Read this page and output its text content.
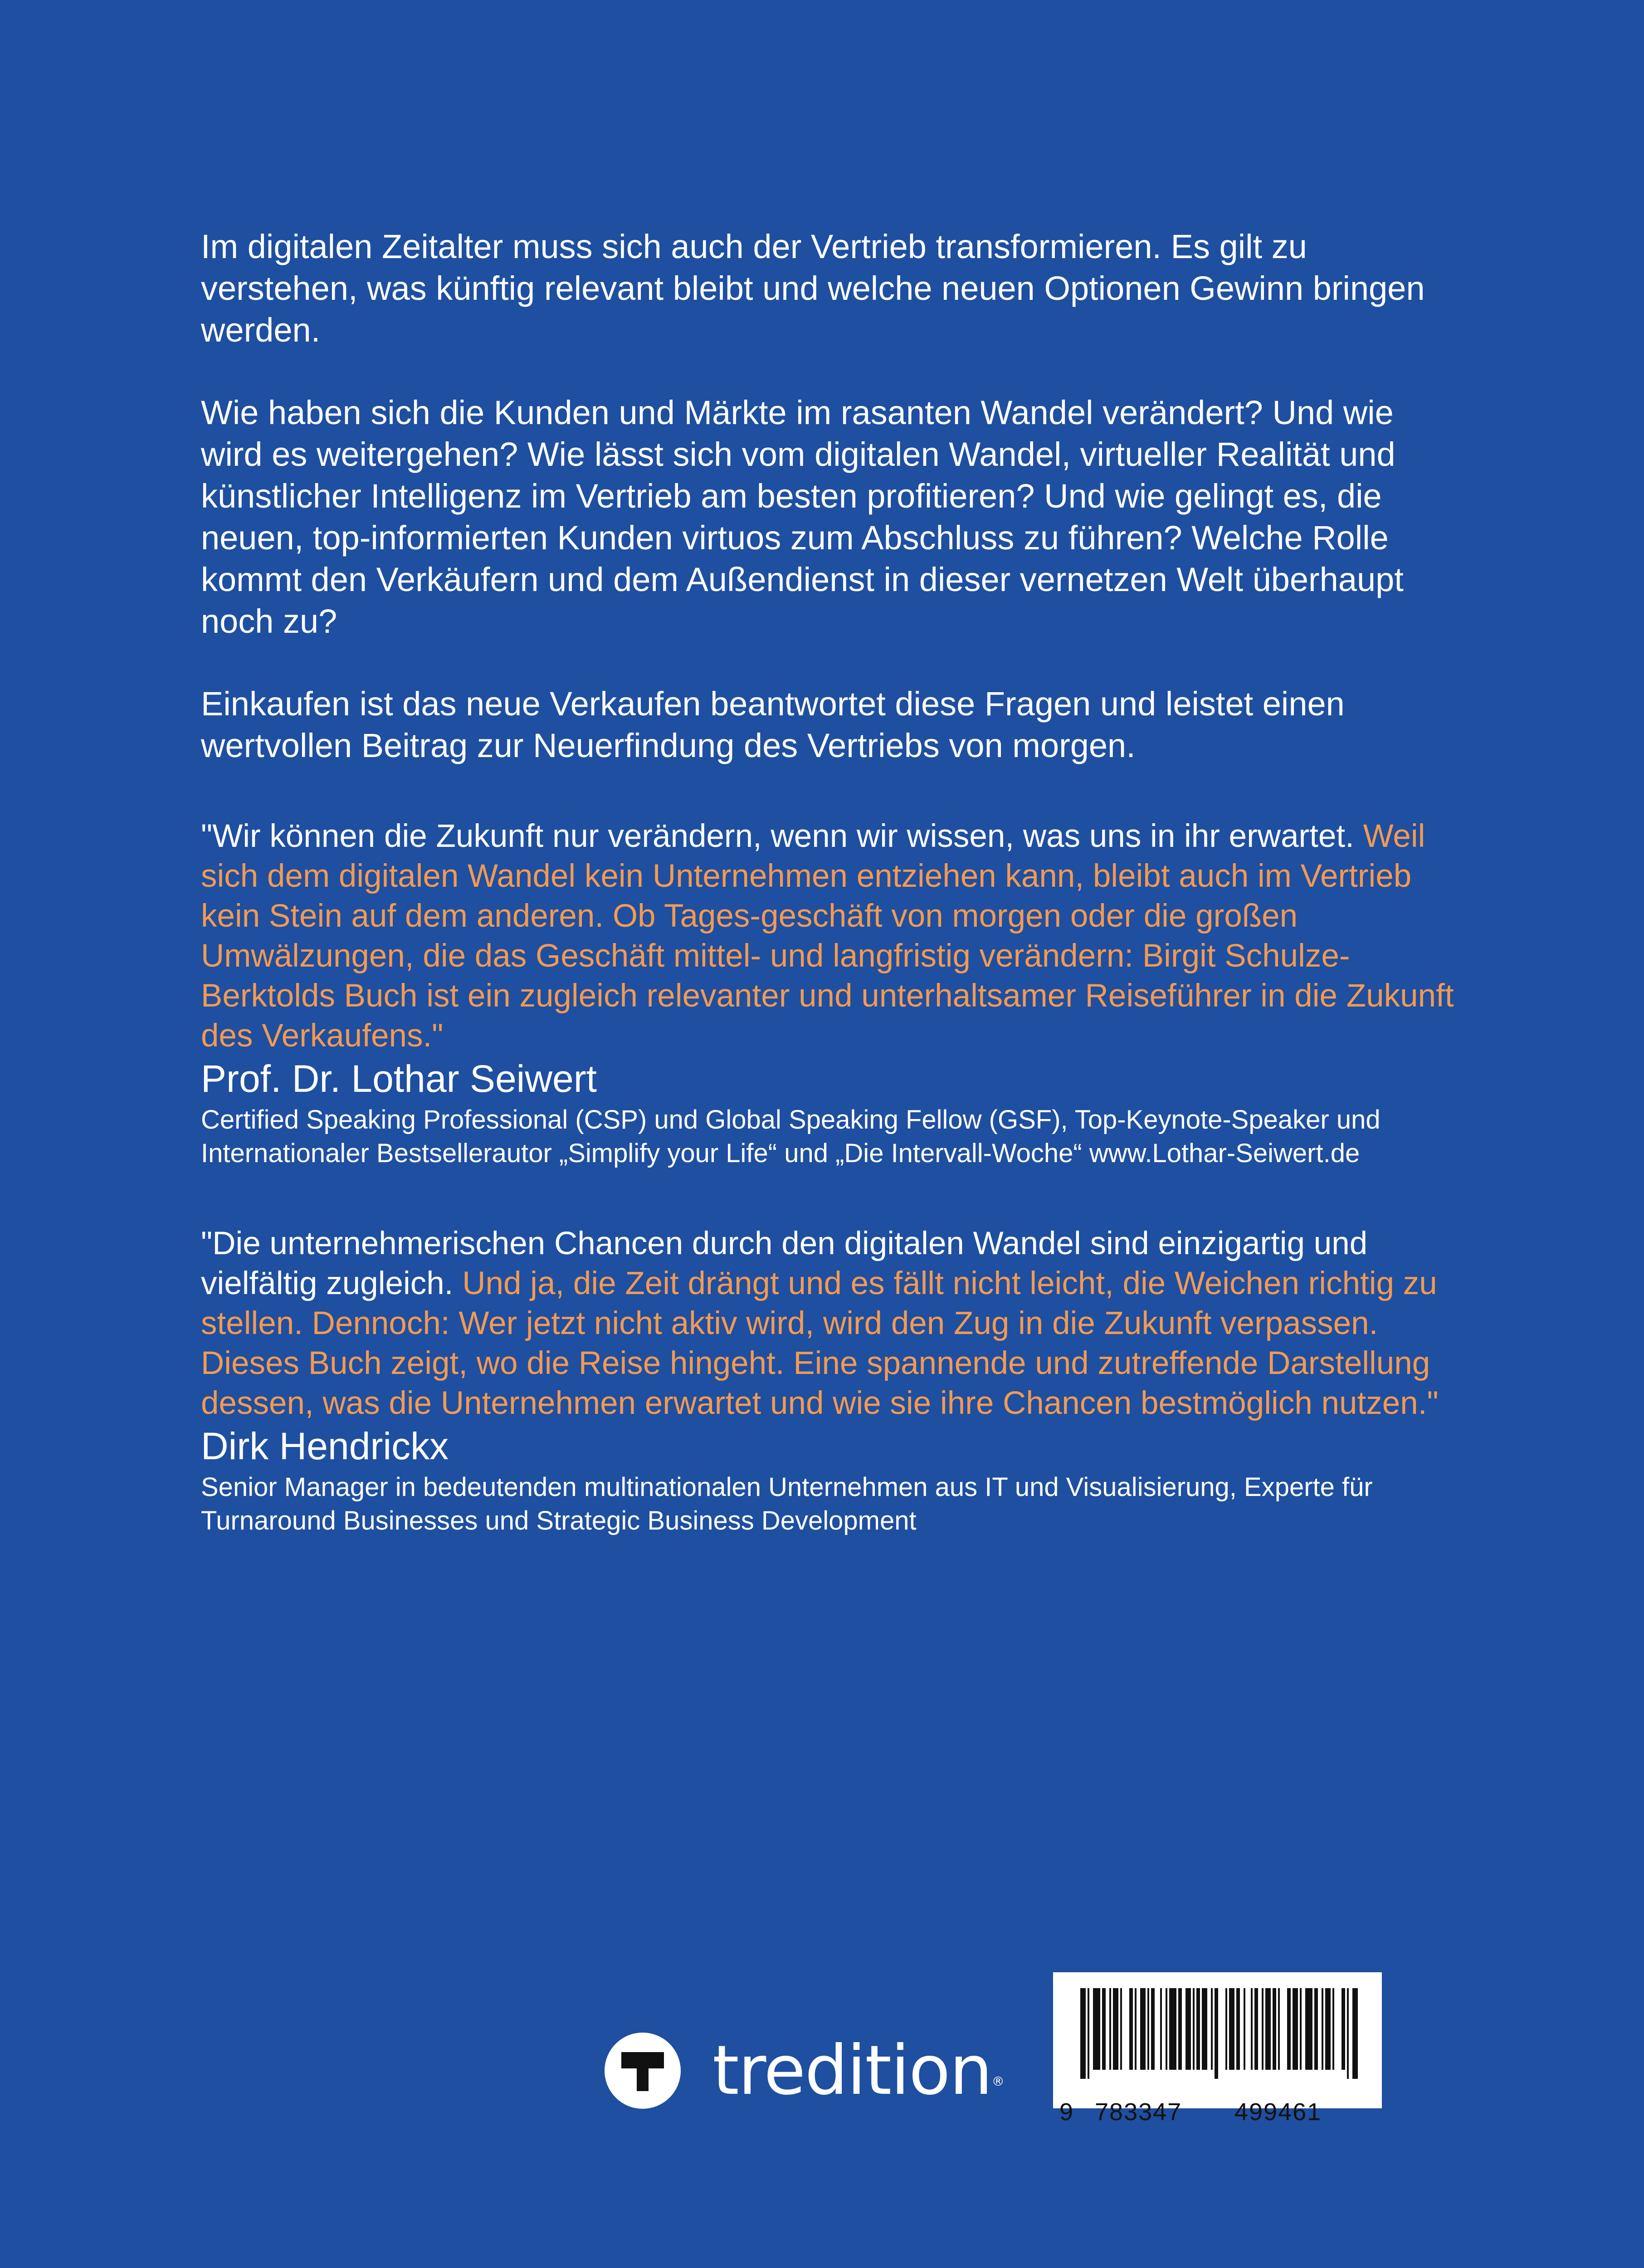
Im digitalen Zeitalter muss sich auch der Vertrieb transformieren. Es gilt zu verstehen, was künftig relevant bleibt und welche neuen Optionen Gewinn bringen werden.

Wie haben sich die Kunden und Märkte im rasanten Wandel verändert? Und wie wird es weitergehen? Wie lässt sich vom digitalen Wandel, virtueller Realität und künstlicher Intelligenz im Vertrieb am besten profitieren? Und wie gelingt es, die neuen, top-informierten Kunden virtuos zum Abschluss zu führen? Welche Rolle kommt den Verkäufern und dem Außendienst in dieser vernetzen Welt überhaupt noch zu?

Einkaufen ist das neue Verkaufen beantwortet diese Fragen und leistet einen wertvollen Beitrag zur Neuerfindung des Vertriebs von morgen.

"Wir können die Zukunft nur verändern, wenn wir wissen, was uns in ihr erwartet. Weil sich dem digitalen Wandel kein Unternehmen entziehen kann, bleibt auch im Vertrieb kein Stein auf dem anderen. Ob Tages-geschäft von morgen oder die großen Umwälzungen, die das Geschäft mittel- und langfristig verändern: Birgit Schulze-Berktolds Buch ist ein zugleich relevanter und unterhaltsamer Reiseführer in die Zukunft des Verkaufens."

Prof. Dr. Lothar Seiwert

Certified Speaking Professional (CSP) und Global Speaking Fellow (GSF), Top-Keynote-Speaker und Internationaler Bestsellerautor „Simplify your Life“ und „Die Intervall-Woche“ www.Lothar-Seiwert.de

"Die unternehmerischen Chancen durch den digitalen Wandel sind einzigartig und vielfältig zugleich. Und ja, die Zeit drängt und es fällt nicht leicht, die Weichen richtig zu stellen. Dennoch: Wer jetzt nicht aktiv wird, wird den Zug in die Zukunft verpassen. Dieses Buch zeigt, wo die Reise hingeht. Eine spannende und zutreffende Darstellung dessen, was die Unternehmen erwartet und wie sie ihre Chancen bestmöglich nutzen."

Dirk Hendrickx

Senior Manager in bedeutenden multinationalen Unternehmen aus IT und Visualisierung, Experte für Turnaround Businesses und Strategic Business Development

tredition®
9 783347 499461
